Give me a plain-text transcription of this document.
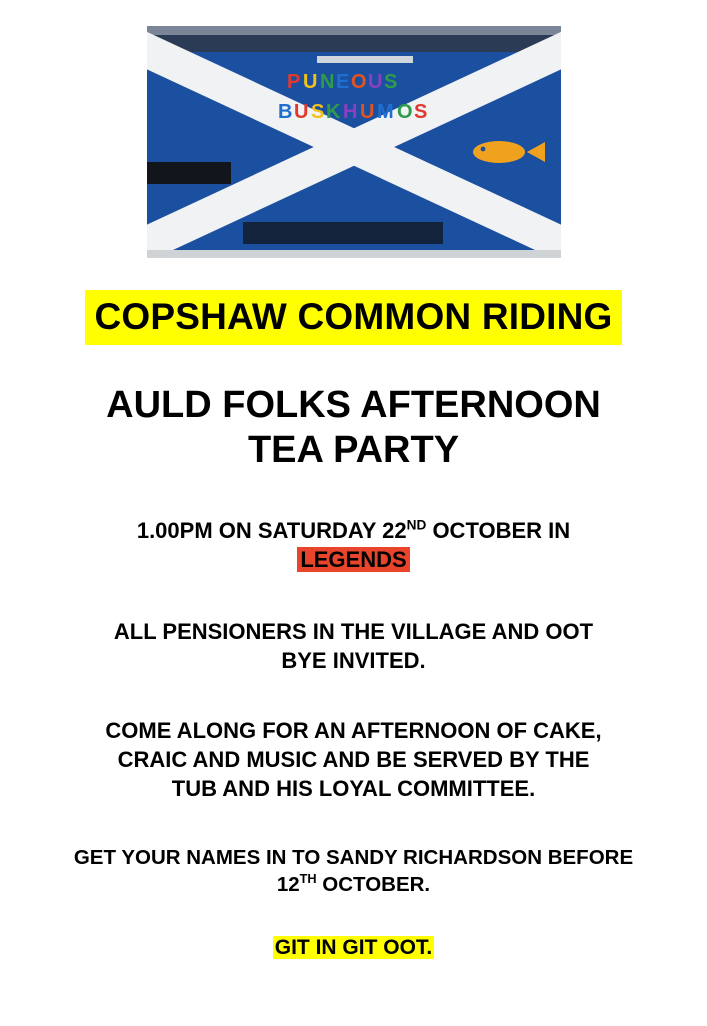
P U N E O U S
B U S K H U M O S
COPSHAW COMMON RIDING
AULD FOLKS AFTERNOON
TEA PARTY
1.00PM ON SATURDAY 22ND OCTOBER IN
LEGENDS
ALL PENSIONERS IN THE VILLAGE AND OOT
BYE INVITED.
COME ALONG FOR AN AFTERNOON OF CAKE,
CRAIC AND MUSIC AND BE SERVED BY THE
TUB AND HIS LOYAL COMMITTEE.
GET YOUR NAMES IN TO SANDY RICHARDSON BEFORE
12TH OCTOBER.
GIT IN GIT OOT.
